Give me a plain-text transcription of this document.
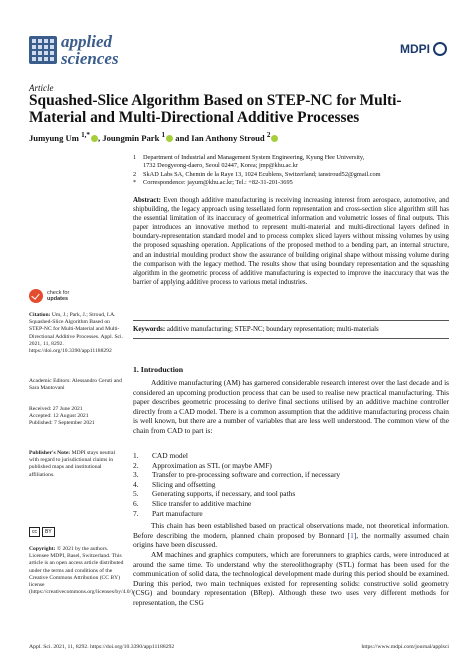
applied
sciences	MDPI
Article
Squashed-Slice Algorithm Based on STEP-NC for Multi-Material and Multi-Directional Additive Processes
Jumyung Um $^{1,*}$ , Joungmin Park $^1$ and Ian Anthony Stroud $^2$
1	Department of Industrial and Management System Engineering, Kyung Hee University,
1732 Deogyeong-daero, Seoul 02447, Korea; jmp@khu.ac.kr
2	SkAD Labs SA, Chemin de la Raye 13, 1024 Ecublens, Switzerland; ianstroud52@gmail.com
*	Correspondence: jayum@khu.ac.kr; Tel.: +82-31-201-3695
Abstract: Even though additive manufacturing is receiving increasing interest from aerospace, automotive, and shipbuilding, the legacy approach using tessellated form representation and cross-section slice algorithm still has the essential limitation of its inaccuracy of geometrical information and volumetric losses of final outputs. This paper introduces an innovative method to represent multi-material and multi-directional layers defined in boundary-representation standard model and to process complex sliced layers without missing volumes by using the proposed squashing operation. Applications of the proposed method to a bending part, an internal structure, and an industrial moulding product show the assurance of building original shape without missing volume during the comparison with the legacy method. The results show that using boundary representation and the squashing algorithm in the geometric process of additive manufacturing is expected to improve the inaccuracy that was the barrier of applying additive process to various metal industries.
Keywords: additive manufacturing; STEP-NC; boundary representation; multi-materials
check for
updates
Citation: Um, J.; Park, J.; Stroud, I.A. Squashed-Slice Algorithm Based on STEP-NC for Multi-Material and Multi-Directional Additive Processes. Appl. Sci. 2021, 11, 8292. https://doi.org/10.3390/app11188292
Academic Editors: Alessandro Ceruti and Sara Mantovani
Received: 27 June 2021
Accepted: 12 August 2021
Published: 7 September 2021
Publisher's Note: MDPI stays neutral with regard to jurisdictional claims in published maps and institutional affiliations.
cc	BY
Copyright: © 2021 by the authors. Licensee MDPI, Basel, Switzerland. This article is an open access article distributed under the terms and conditions of the Creative Commons Attribution (CC BY) license (https://creativecommons.org/licenses/by/4.0/).
1. Introduction
Additive manufacturing (AM) has garnered considerable research interest over the last decade and is considered an upcoming production process that can be used to realise new practical manufacturing. This paper describes geometric processing to derive final sections utilised by an additive machine controller directly from a CAD model. There is a common assumption that the additive manufacturing process chain is well known, but there are a number of variables that are less well understood. The common view of the chain from CAD to part is:
1.	CAD model
2.	Approximation as STL (or maybe AMF)
3.	Transfer to pre-processing software and correction, if necessary
4.	Slicing and offsetting
5.	Generating supports, if necessary, and tool paths
6.	Slice transfer to additive machine
7.	Part manufacture
This chain has been established based on practical observations made, not theoretical information. Before describing the modern, planned chain proposed by Bonnard [1], the normally assumed chain origins have been discussed.
AM machines and graphics computers, which are forerunners to graphics cards, were introduced at around the same time. To understand why the stereolithography (STL) format has been used for the communication of solid data, the technological development made during this period should be examined. During this period, two main techniques existed for representing solids: constructive solid geometry (CSG) and boundary representation (BRep). Although these two uses very different methods for representation, the CSG
Appl. Sci. 2021, 11, 8292. https://doi.org/10.3390/app11188292	https://www.mdpi.com/journal/applsci
